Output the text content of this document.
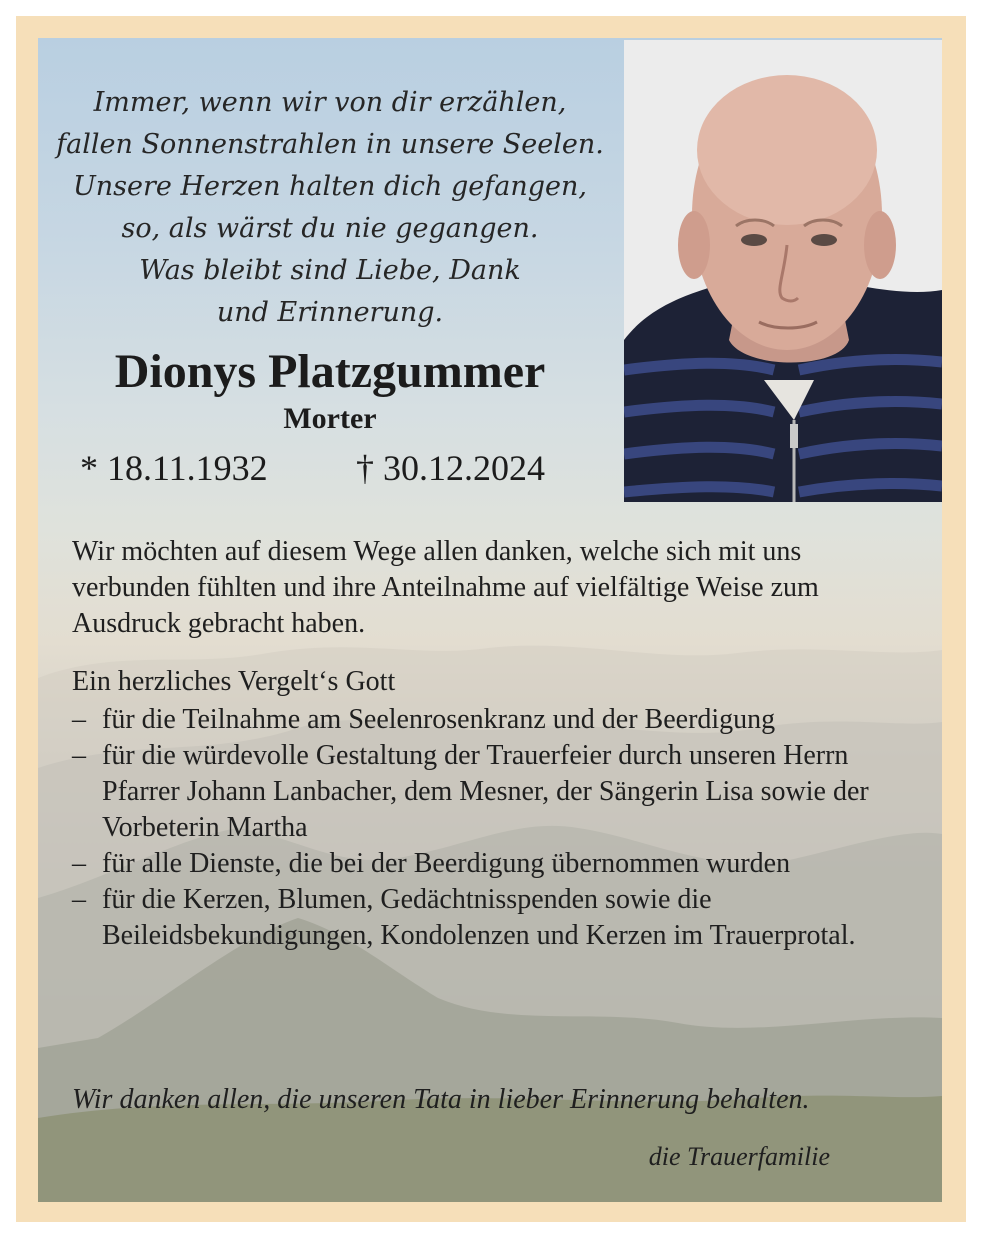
Immer, wenn wir von dir erzählen,
fallen Sonnenstrahlen in unsere Seelen.
Unsere Herzen halten dich gefangen,
so, als wärst du nie gegangen.
Was bleibt sind Liebe, Dank
und Erinnerung.
Dionys Platzgummer
Morter
* 18.11.1932 † 30.12.2024

Wir möchten auf diesem Wege allen danken, welche sich mit uns verbunden fühlten und ihre Anteilnahme auf vielfältige Weise zum Ausdruck gebracht haben.

Ein herzliches Vergelt‘s Gott
– für die Teilnahme am Seelenrosenkranz und der Beerdigung
– für die würdevolle Gestaltung der Trauerfeier durch unseren Herrn Pfarrer Johann Lanbacher, dem Mesner, der Sängerin Lisa sowie der Vorbeterin Martha
– für alle Dienste, die bei der Beerdigung übernommen wurden
– für die Kerzen, Blumen, Gedächtnisspenden sowie die Beileidsbekundigungen, Kondolenzen und Kerzen im Trauerprotal.
Wir danken allen, die unseren Tata in lieber Erinnerung behalten.
die Trauerfamilie
